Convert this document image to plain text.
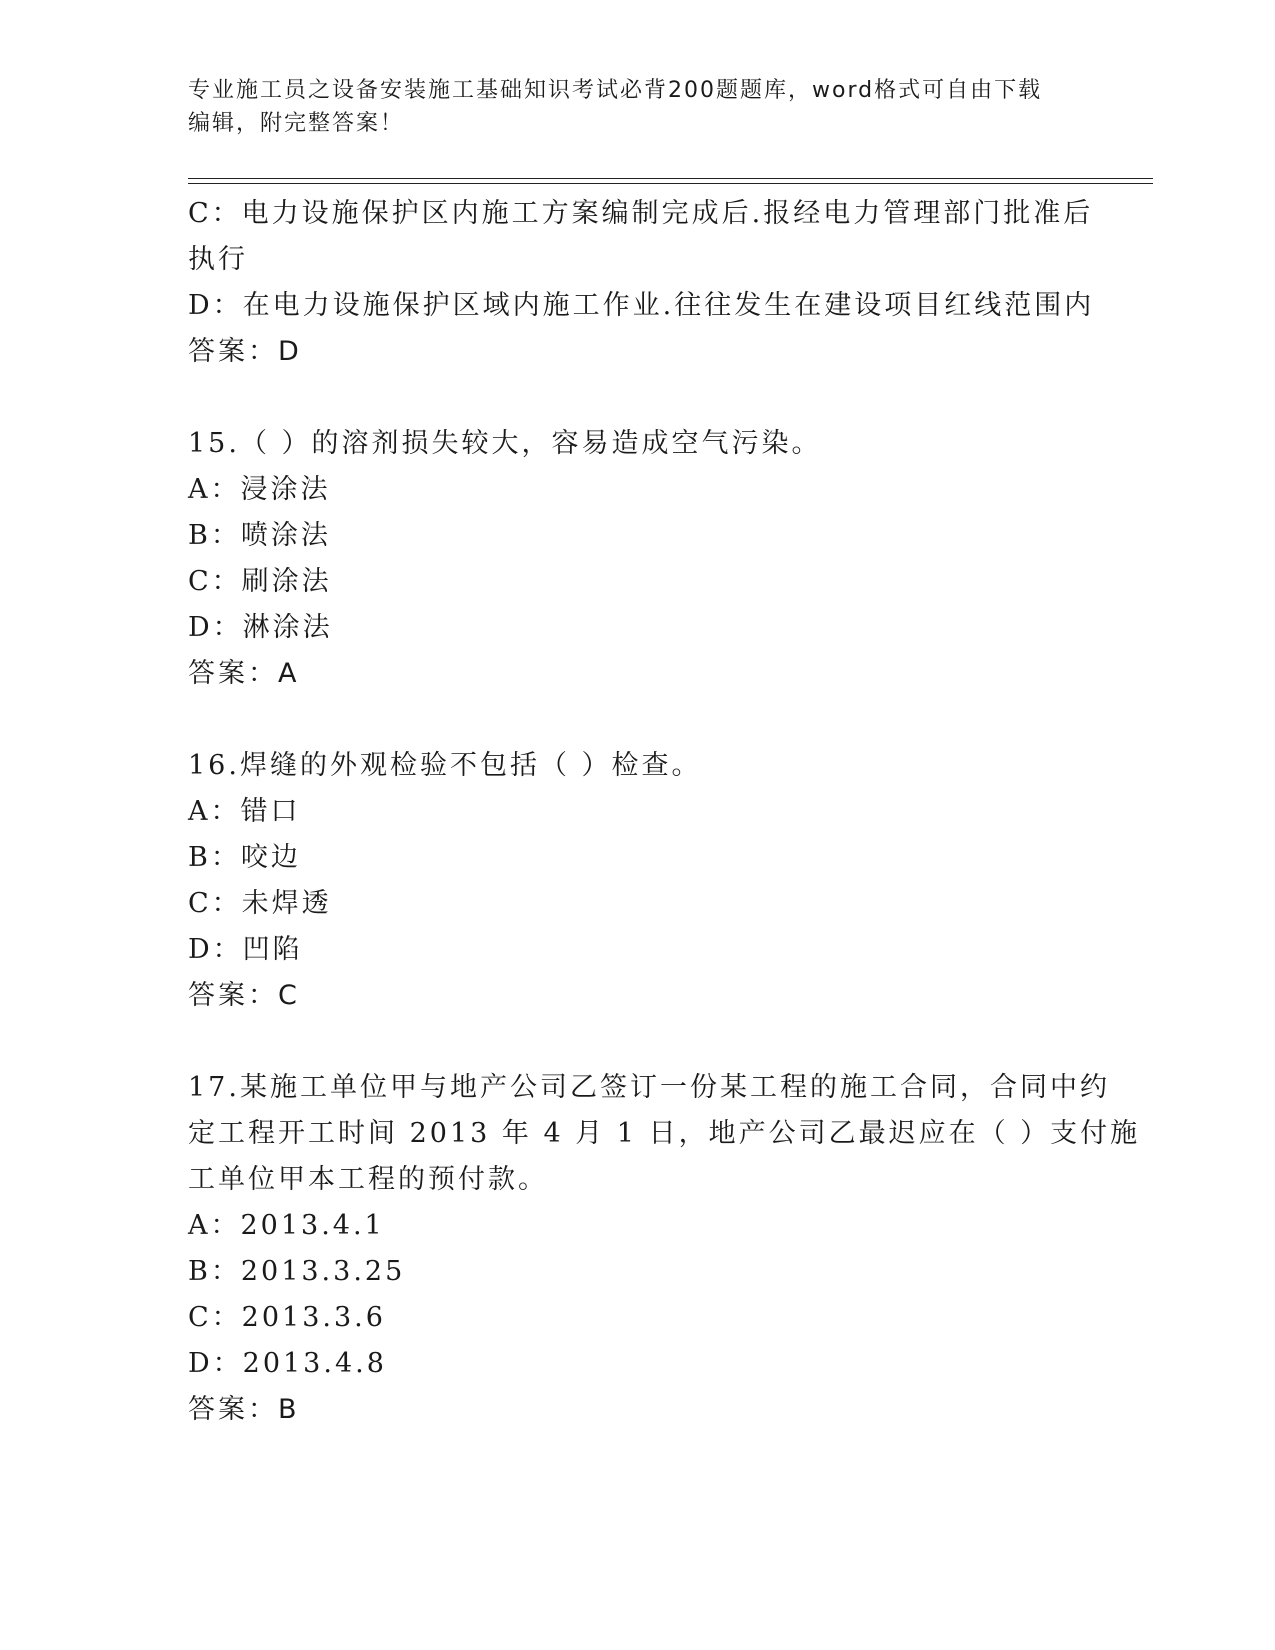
专业施工员之设备安装施工基础知识考试必背200题题库，word格式可自由下载
编辑，附完整答案！
C：电力设施保护区内施工方案编制完成后.报经电力管理部门批准后
执行
D：在电力设施保护区域内施工作业.往往发生在建设项目红线范围内
答案：D
15.（ ）的溶剂损失较大，容易造成空气污染。
A：浸涂法
B：喷涂法
C：刷涂法
D：淋涂法
答案：A
16.焊缝的外观检验不包括（ ）检查。
A：错口
B：咬边
C：未焊透
D：凹陷
答案：C
17.某施工单位甲与地产公司乙签订一份某工程的施工合同，合同中约
定工程开工时间 2013 年 4 月 1 日，地产公司乙最迟应在（ ）支付施
工单位甲本工程的预付款。
A：2013.4.1
B：2013.3.25
C：2013.3.6
D：2013.4.8
答案：B
